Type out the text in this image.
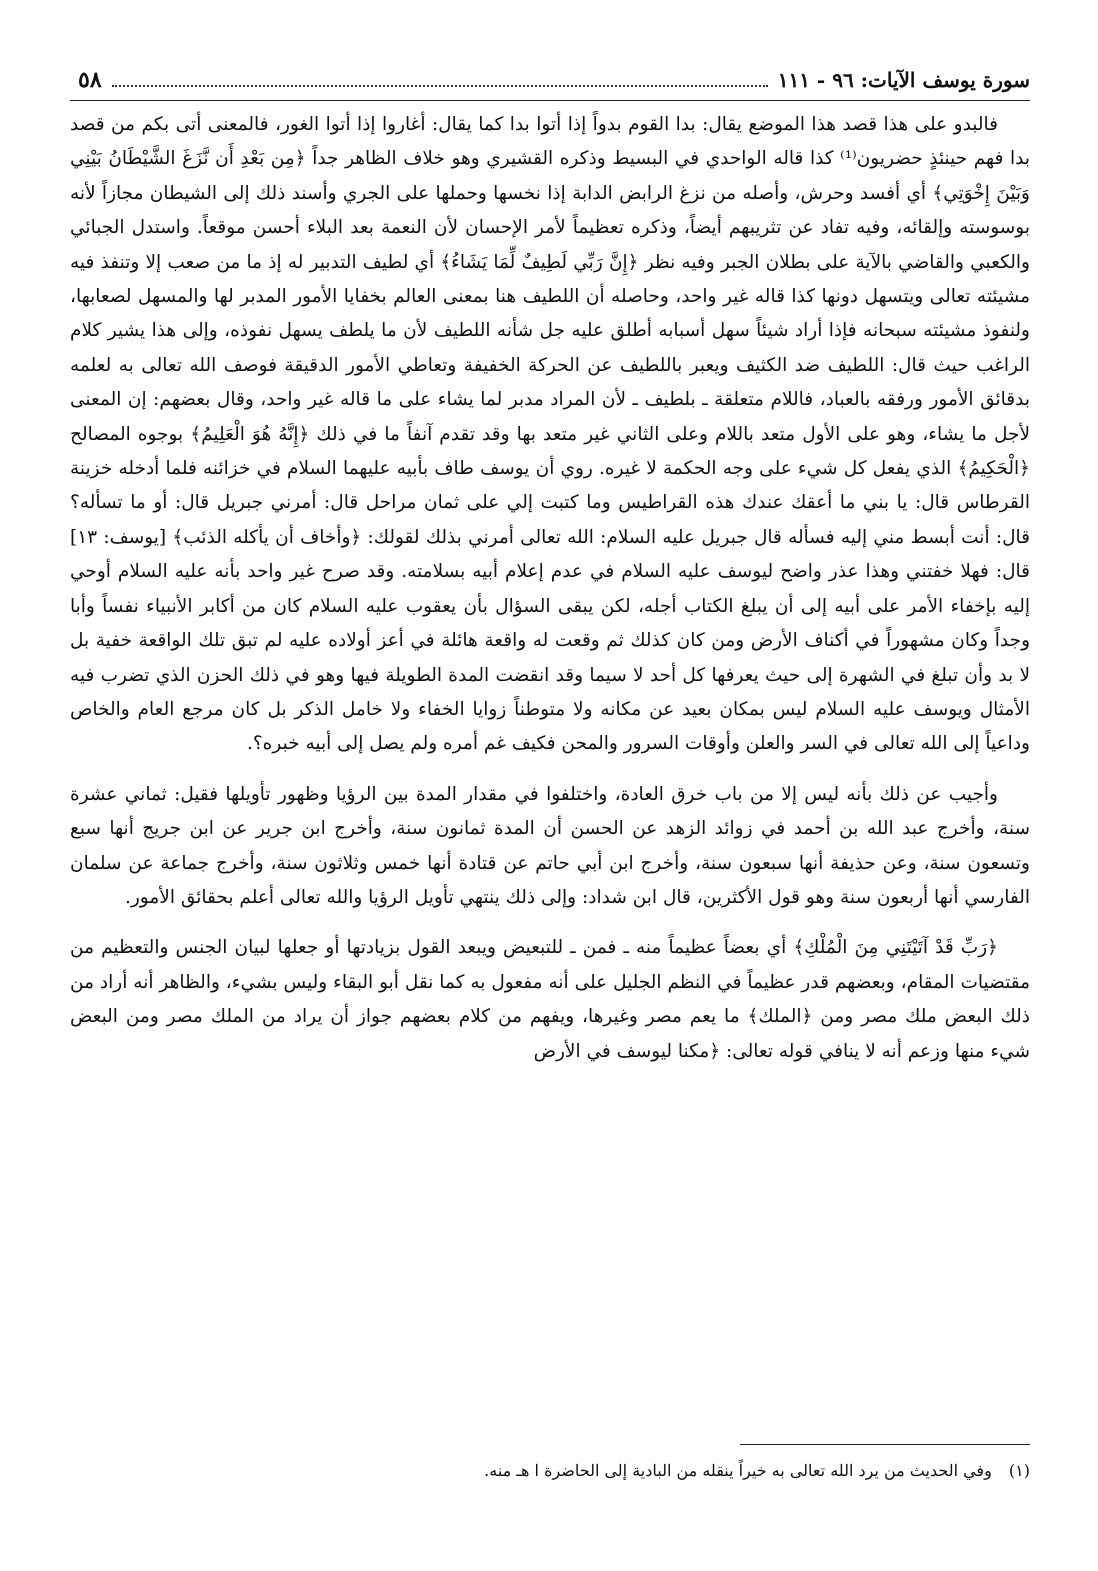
سورة يوسف الآيات: ٩٦ - ١١١
٥٨

فالبدو على هذا قصد هذا الموضع يقال: بدا القوم بدواً إذا أتوا بدا كما يقال: أغاروا إذا أتوا الغور، فالمعنى أتى بكم من قصد بدا فهم حينئذٍ حضريون⁽¹⁾ كذا قاله الواحدي في البسيط وذكره القشيري وهو خلاف الظاهر جداً ﴿مِن بَعْدِ أَن نَّزَغَ الشَّيْطَانُ بَيْنِي وَبَيْنَ إِخْوَتِي﴾ أي أفسد وحرش، وأصله من نزغ الرابض الدابة إذا نخسها وحملها على الجري وأسند ذلك إلى الشيطان مجازاً لأنه بوسوسته وإلقائه، وفيه تفاد عن تثريبهم أيضاً، وذكره تعظيماً لأمر الإحسان لأن النعمة بعد البلاء أحسن موقعاً. واستدل الجبائي والكعبي والقاضي بالآية على بطلان الجبر وفيه نظر ﴿إِنَّ رَبِّي لَطِيفٌ لِّمَا يَشَاءُ﴾ أي لطيف التدبير له إذ ما من صعب إلا وتنفذ فيه مشيئته تعالى ويتسهل دونها كذا قاله غير واحد، وحاصله أن اللطيف هنا بمعنى العالم بخفايا الأمور المدبر لها والمسهل لصعابها، ولنفوذ مشيئته سبحانه فإذا أراد شيئاً سهل أسبابه أطلق عليه جل شأنه اللطيف لأن ما يلطف يسهل نفوذه، وإلى هذا يشير كلام الراغب حيث قال: اللطيف ضد الكثيف ويعبر باللطيف عن الحركة الخفيفة وتعاطي الأمور الدقيقة فوصف الله تعالى به لعلمه بدقائق الأمور ورفقه بالعباد، فاللام متعلقة ـ بلطيف ـ لأن المراد مدبر لما يشاء على ما قاله غير واحد، وقال بعضهم: إن المعنى لأجل ما يشاء، وهو على الأول متعد باللام وعلى الثاني غير متعد بها وقد تقدم آنفاً ما في ذلك ﴿إِنَّهُ هُوَ الْعَلِيمُ﴾ بوجوه المصالح ﴿الْحَكِيمُ﴾ الذي يفعل كل شيء على وجه الحكمة لا غيره. روي أن يوسف طاف بأبيه عليهما السلام في خزائنه فلما أدخله خزينة القرطاس قال: يا بني ما أعقك عندك هذه القراطيس وما كتبت إلي على ثمان مراحل قال: أمرني جبريل قال: أو ما تسأله؟ قال: أنت أبسط مني إليه فسأله قال جبريل عليه السلام: الله تعالى أمرني بذلك لقولك: ﴿وأخاف أن يأكله الذئب﴾ [يوسف: ١٣] قال: فهلا خفتني وهذا عذر واضح ليوسف عليه السلام في عدم إعلام أبيه بسلامته. وقد صرح غير واحد بأنه عليه السلام أوحي إليه بإخفاء الأمر على أبيه إلى أن يبلغ الكتاب أجله، لكن يبقى السؤال بأن يعقوب عليه السلام كان من أكابر الأنبياء نفساً وأبا وجداً وكان مشهوراً في أكناف الأرض ومن كان كذلك ثم وقعت له واقعة هائلة في أعز أولاده عليه لم تبق تلك الواقعة خفية بل لا بد وأن تبلغ في الشهرة إلى حيث يعرفها كل أحد لا سيما وقد انقضت المدة الطويلة فيها وهو في ذلك الحزن الذي تضرب فيه الأمثال ويوسف عليه السلام ليس بمكان بعيد عن مكانه ولا متوطناً زوايا الخفاء ولا خامل الذكر بل كان مرجع العام والخاص وداعياً إلى الله تعالى في السر والعلن وأوقات السرور والمحن فكيف غم أمره ولم يصل إلى أبيه خبره؟.

وأجيب عن ذلك بأنه ليس إلا من باب خرق العادة، واختلفوا في مقدار المدة بين الرؤيا وظهور تأويلها فقيل: ثماني عشرة سنة، وأخرج عبد الله بن أحمد في زوائد الزهد عن الحسن أن المدة ثمانون سنة، وأخرج ابن جرير عن ابن جريج أنها سبع وتسعون سنة، وعن حذيفة أنها سبعون سنة، وأخرج ابن أبي حاتم عن قتادة أنها خمس وثلاثون سنة، وأخرج جماعة عن سلمان الفارسي أنها أربعون سنة وهو قول الأكثرين، قال ابن شداد: وإلى ذلك ينتهي تأويل الرؤيا والله تعالى أعلم بحقائق الأمور.

﴿رَبِّ قَدْ آتَيْتَنِي مِنَ الْمُلْكِ﴾ أي بعضاً عظيماً منه ـ فمن ـ للتبعيض ويبعد القول بزيادتها أو جعلها لبيان الجنس والتعظيم من مقتضيات المقام، وبعضهم قدر عظيماً في النظم الجليل على أنه مفعول به كما نقل أبو البقاء وليس بشيء، والظاهر أنه أراد من ذلك البعض ملك مصر ومن ﴿الملك﴾ ما يعم مصر وغيرها، ويفهم من كلام بعضهم جواز أن يراد من الملك مصر ومن البعض شيء منها وزعم أنه لا ينافي قوله تعالى: ﴿مكنا ليوسف في الأرض

(١) وفي الحديث من يرد الله تعالى به خيراً ينقله من البادية إلى الحاضرة ا هـ منه.
